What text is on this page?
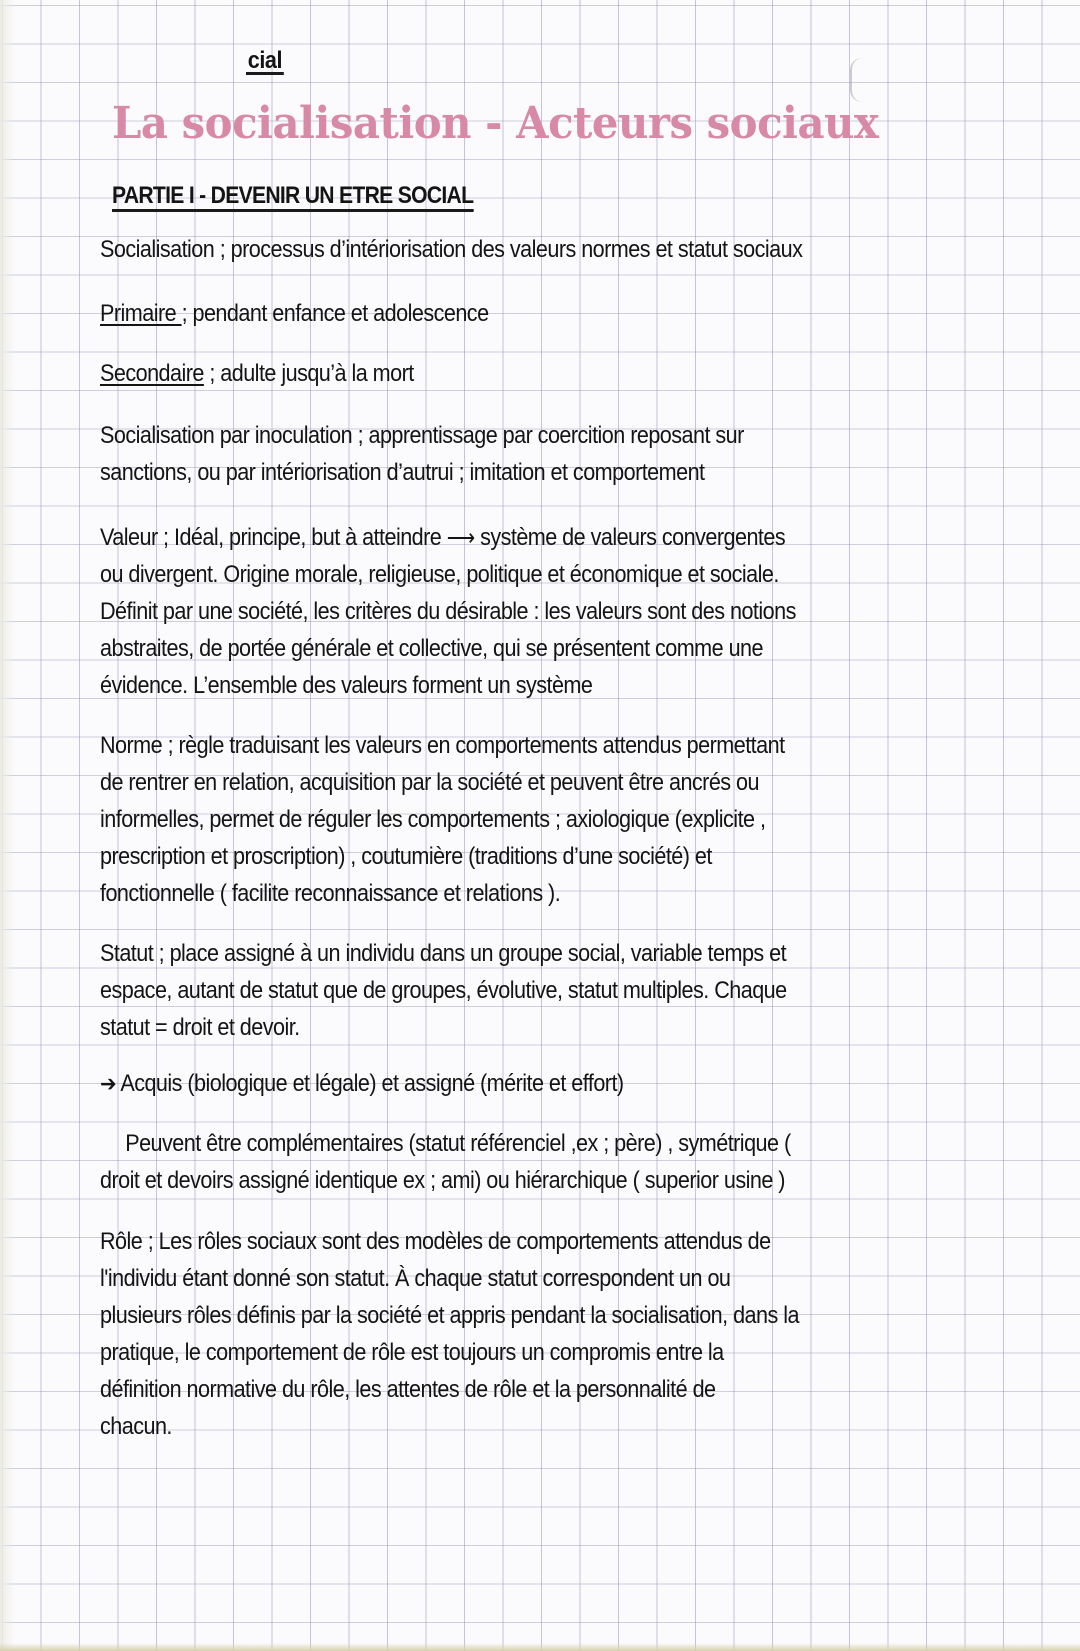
cial
La socialisation - Acteurs sociaux
PARTIE I - DEVENIR UN ETRE SOCIAL

Socialisation ; processus d’intériorisation des valeurs normes et statut sociaux

Primaire ; pendant enfance et adolescence

Secondaire ; adulte jusqu’à la mort

Socialisation par inoculation ; apprentissage par coercition reposant sur

sanctions, ou par intériorisation d’autrui ; imitation et comportement

Valeur ; Idéal, principe, but à atteindre ⟶ système de valeurs convergentes

ou divergent. Origine morale, religieuse, politique et économique et sociale.

Définit par une société, les critères du désirable : les valeurs sont des notions

abstraites, de portée générale et collective, qui se présentent comme une

évidence. L’ensemble des valeurs forment un système

Norme ; règle traduisant les valeurs en comportements attendus permettant

de rentrer en relation, acquisition par la société et peuvent être ancrés ou

informelles, permet de réguler les comportements ; axiologique (explicite ,

prescription et proscription) , coutumière (traditions d’une société) et

fonctionnelle ( facilite reconnaissance et relations ).

Statut ; place assigné à un individu dans un groupe social, variable temps et

espace, autant de statut que de groupes, évolutive, statut multiples. Chaque

statut = droit et devoir.

➔ Acquis (biologique et légale) et assigné (mérite et effort)

Peuvent être complémentaires (statut référenciel ,ex ; père) , symétrique (

droit et devoirs assigné identique ex ; ami) ou hiérarchique ( superior usine )

Rôle ; Les rôles sociaux sont des modèles de comportements attendus de

l'individu étant donné son statut. À chaque statut correspondent un ou

plusieurs rôles définis par la société et appris pendant la socialisation, dans la

pratique, le comportement de rôle est toujours un compromis entre la

définition normative du rôle, les attentes de rôle et la personnalité de

chacun.
